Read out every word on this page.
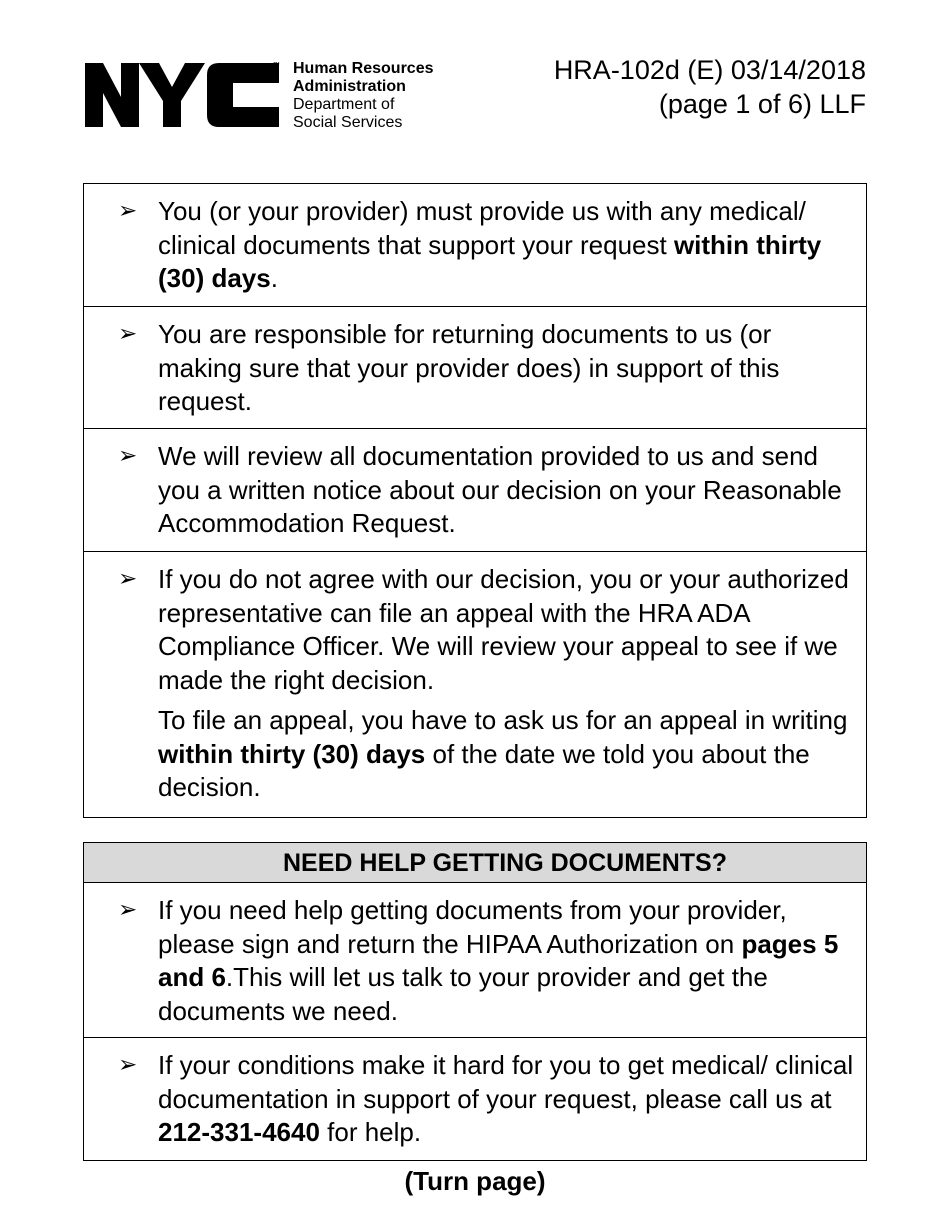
™ Human Resources
Administration
Department of
Social Services
HRA-102d (E) 03/14/2018
(page 1 of 6) LLF
➢ You (or your provider) must provide us with any medical/ clinical documents that support your request within thirty (30) days.

➢ You are responsible for returning documents to us (or making sure that your provider does) in support of this request.

➢ We will review all documentation provided to us and send you a written notice about our decision on your Reasonable Accommodation Request.

➢ If you do not agree with our decision, you or your authorized representative can file an appeal with the HRA ADA Compliance Officer. We will review your appeal to see if we made the right decision.

To file an appeal, you have to ask us for an appeal in writing within thirty (30) days of the date we told you about the decision.

NEED HELP GETTING DOCUMENTS?
➢ If you need help getting documents from your provider, please sign and return the HIPAA Authorization on pages 5 and 6.This will let us talk to your provider and get the documents we need.

➢ If your conditions make it hard for you to get medical/ clinical documentation in support of your request, please call us at 212-331-4640 for help.

(Turn page)
